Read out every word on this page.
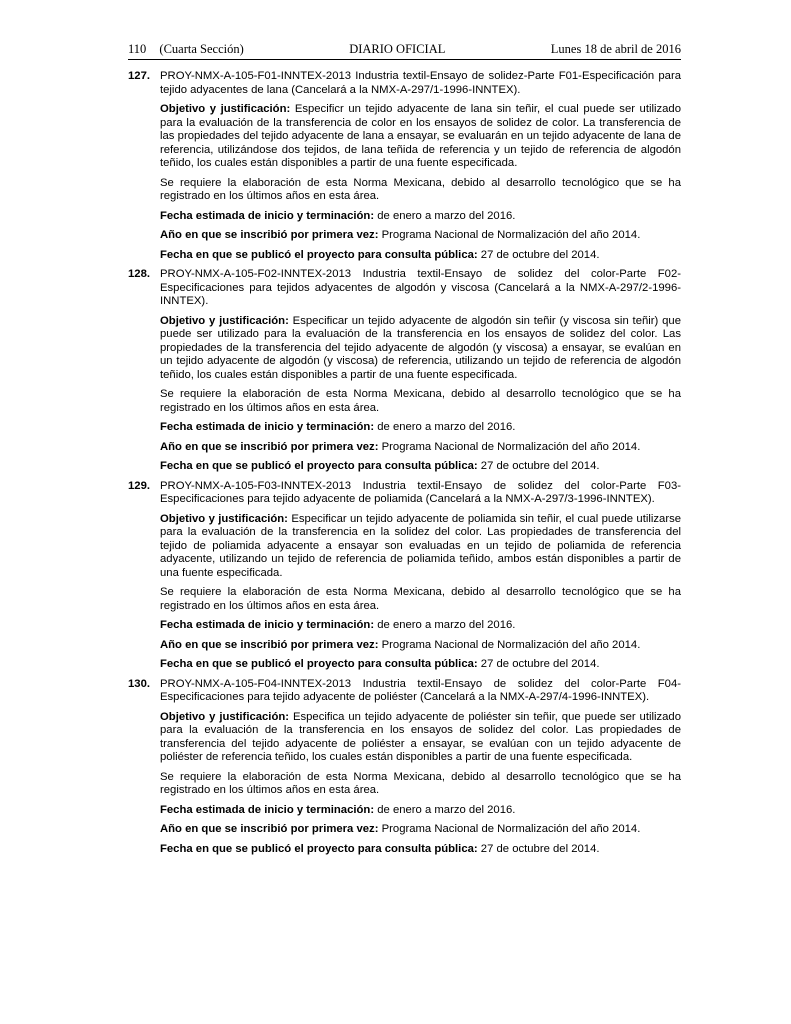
110 (Cuarta Sección)	DIARIO OFICIAL	Lunes 18 de abril de 2016
127. PROY-NMX-A-105-F01-INNTEX-2013 Industria textil-Ensayo de solidez-Parte F01-Especificación para tejido adyacentes de lana (Cancelará a la NMX-A-297/1-1996-INNTEX).
Objetivo y justificación: Especificr un tejido adyacente de lana sin teñir, el cual puede ser utilizado para la evaluación de la transferencia de color en los ensayos de solidez de color. La transferencia de las propiedades del tejido adyacente de lana a ensayar, se evaluarán en un tejido adyacente de lana de referencia, utilizándose dos tejidos, de lana teñida de referencia y un tejido de referencia de algodón teñido, los cuales están disponibles a partir de una fuente especificada.
Se requiere la elaboración de esta Norma Mexicana, debido al desarrollo tecnológico que se ha registrado en los últimos años en esta área.
Fecha estimada de inicio y terminación: de enero a marzo del 2016.
Año en que se inscribió por primera vez: Programa Nacional de Normalización del año 2014.
Fecha en que se publicó el proyecto para consulta pública: 27 de octubre del 2014.
128. PROY-NMX-A-105-F02-INNTEX-2013 Industria textil-Ensayo de solidez del color-Parte F02-Especificaciones para tejidos adyacentes de algodón y viscosa (Cancelará a la NMX-A-297/2-1996-INNTEX).
Objetivo y justificación: Especificar un tejido adyacente de algodón sin teñir (y viscosa sin teñir) que puede ser utilizado para la evaluación de la transferencia en los ensayos de solidez del color. Las propiedades de la transferencia del tejido adyacente de algodón (y viscosa) a ensayar, se evalúan en un tejido adyacente de algodón (y viscosa) de referencia, utilizando un tejido de referencia de algodón teñido, los cuales están disponibles a partir de una fuente especificada.
Se requiere la elaboración de esta Norma Mexicana, debido al desarrollo tecnológico que se ha registrado en los últimos años en esta área.
Fecha estimada de inicio y terminación: de enero a marzo del 2016.
Año en que se inscribió por primera vez: Programa Nacional de Normalización del año 2014.
Fecha en que se publicó el proyecto para consulta pública: 27 de octubre del 2014.
129. PROY-NMX-A-105-F03-INNTEX-2013 Industria textil-Ensayo de solidez del color-Parte F03-Especificaciones para tejido adyacente de poliamida (Cancelará a la NMX-A-297/3-1996-INNTEX).
Objetivo y justificación: Especificar un tejido adyacente de poliamida sin teñir, el cual puede utilizarse para la evaluación de la transferencia en la solidez del color. Las propiedades de transferencia del tejido de poliamida adyacente a ensayar son evaluadas en un tejido de poliamida de referencia adyacente, utilizando un tejido de referencia de poliamida teñido, ambos están disponibles a partir de una fuente especificada.
Se requiere la elaboración de esta Norma Mexicana, debido al desarrollo tecnológico que se ha registrado en los últimos años en esta área.
Fecha estimada de inicio y terminación: de enero a marzo del 2016.
Año en que se inscribió por primera vez: Programa Nacional de Normalización del año 2014.
Fecha en que se publicó el proyecto para consulta pública: 27 de octubre del 2014.
130. PROY-NMX-A-105-F04-INNTEX-2013 Industria textil-Ensayo de solidez del color-Parte F04-Especificaciones para tejido adyacente de poliéster (Cancelará a la NMX-A-297/4-1996-INNTEX).
Objetivo y justificación: Especifica un tejido adyacente de poliéster sin teñir, que puede ser utilizado para la evaluación de la transferencia en los ensayos de solidez del color. Las propiedades de transferencia del tejido adyacente de poliéster a ensayar, se evalúan con un tejido adyacente de poliéster de referencia teñido, los cuales están disponibles a partir de una fuente especificada.
Se requiere la elaboración de esta Norma Mexicana, debido al desarrollo tecnológico que se ha registrado en los últimos años en esta área.
Fecha estimada de inicio y terminación: de enero a marzo del 2016.
Año en que se inscribió por primera vez: Programa Nacional de Normalización del año 2014.
Fecha en que se publicó el proyecto para consulta pública: 27 de octubre del 2014.
